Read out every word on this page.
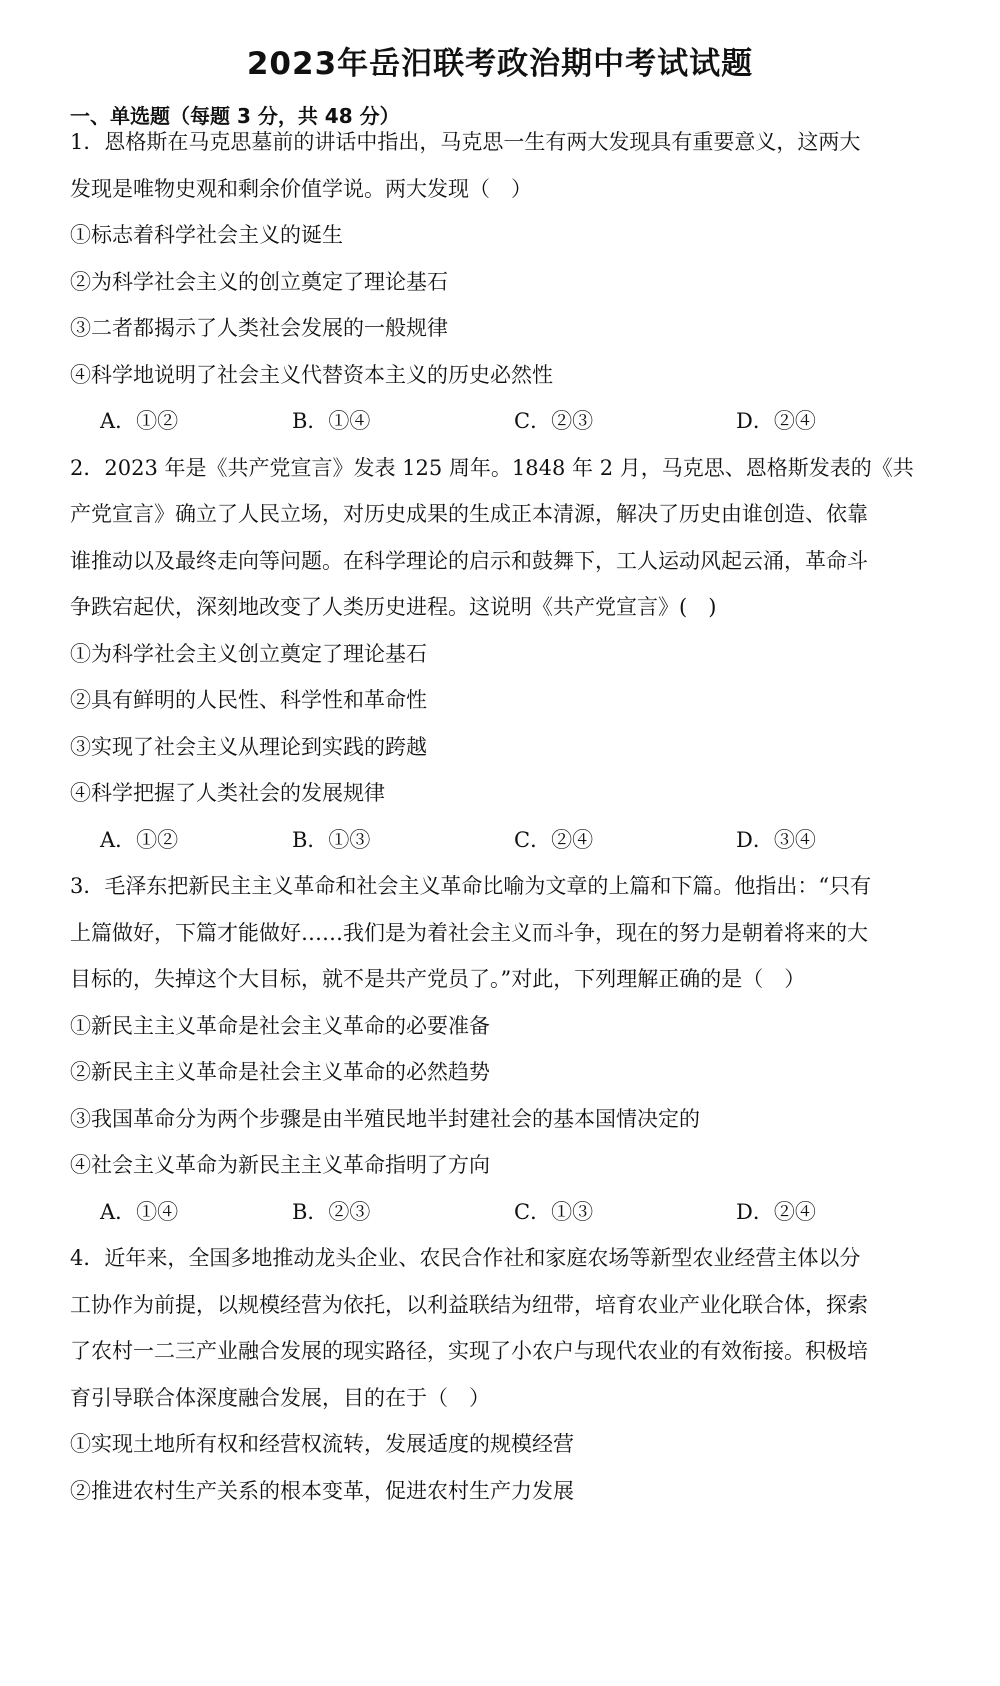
2023年岳汨联考政治期中考试试题
一、单选题（每题 3 分，共 48 分）
1．恩格斯在马克思墓前的讲话中指出，马克思一生有两大发现具有重要意义，这两大
发现是唯物史观和剩余价值学说。两大发现（　）
①标志着科学社会主义的诞生
②为科学社会主义的创立奠定了理论基石
③二者都揭示了人类社会发展的一般规律
④科学地说明了社会主义代替资本主义的历史必然性
A．①②	B．①④	C．②③	D．②④
2．2023 年是《共产党宣言》发表 125 周年。1848 年 2 月，马克思、恩格斯发表的《共
产党宣言》确立了人民立场，对历史成果的生成正本清源，解决了历史由谁创造、依靠
谁推动以及最终走向等问题。在科学理论的启示和鼓舞下，工人运动风起云涌，革命斗
争跌宕起伏，深刻地改变了人类历史进程。这说明《共产党宣言》(　)
①为科学社会主义创立奠定了理论基石
②具有鲜明的人民性、科学性和革命性
③实现了社会主义从理论到实践的跨越
④科学把握了人类社会的发展规律
A．①②	B．①③	C．②④	D．③④
3．毛泽东把新民主主义革命和社会主义革命比喻为文章的上篇和下篇。他指出：“只有
上篇做好，下篇才能做好……我们是为着社会主义而斗争，现在的努力是朝着将来的大
目标的，失掉这个大目标，就不是共产党员了。”对此，下列理解正确的是（　）
①新民主主义革命是社会主义革命的必要准备
②新民主主义革命是社会主义革命的必然趋势
③我国革命分为两个步骤是由半殖民地半封建社会的基本国情决定的
④社会主义革命为新民主主义革命指明了方向
A．①④	B．②③	C．①③	D．②④
4．近年来，全国多地推动龙头企业、农民合作社和家庭农场等新型农业经营主体以分
工协作为前提，以规模经营为依托，以利益联结为纽带，培育农业产业化联合体，探索
了农村一二三产业融合发展的现实路径，实现了小农户与现代农业的有效衔接。积极培
育引导联合体深度融合发展，目的在于（　）
①实现土地所有权和经营权流转，发展适度的规模经营
②推进农村生产关系的根本变革，促进农村生产力发展
